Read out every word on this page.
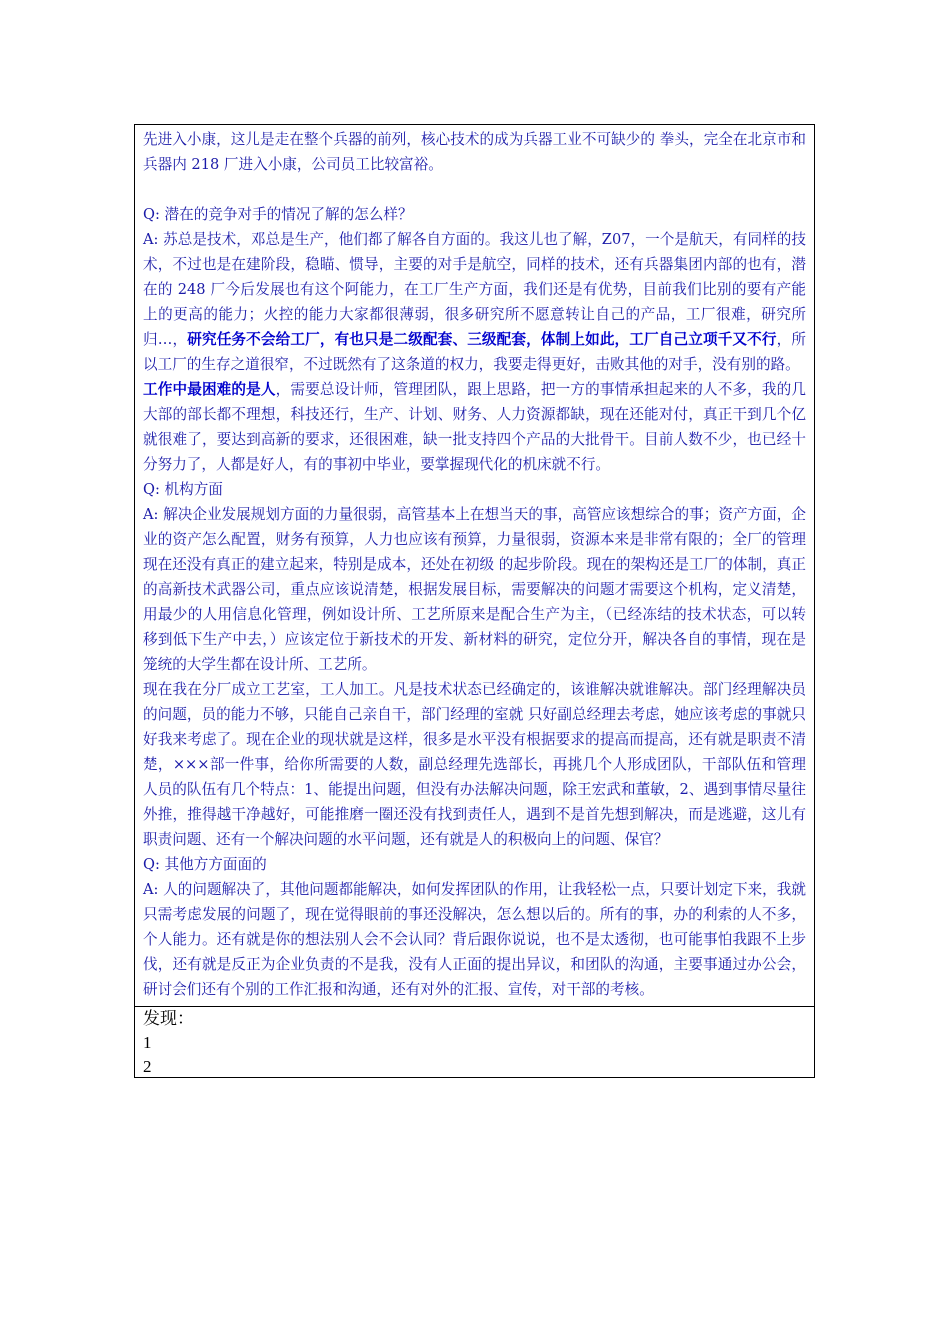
先进入小康，这儿是走在整个兵器的前列，核心技术的成为兵器工业不可缺少的 拳头，完全在北京市和兵器内 218 厂进入小康，公司员工比较富裕。

Q: 潜在的竞争对手的情况了解的怎么样？

A: 苏总是技术，邓总是生产，他们都了解各自方面的。我这儿也了解，Z07，一个是航天，有同样的技术，不过也是在建阶段，稳瞄、惯导，主要的对手是航空，同样的技术，还有兵器集团内部的也有，潜在的 248 厂今后发展也有这个阿能力，在工厂生产方面，我们还是有优势，目前我们比别的要有产能上的更高的能力；火控的能力大家都很薄弱，很多研究所不愿意转让自己的产品，工厂很难，研究所归…，研究任务不会给工厂，有也只是二级配套、三级配套，体制上如此，工厂自己立项千又不行，所以工厂的生存之道很窄，不过既然有了这条道的权力，我要走得更好，击败其他的对手，没有别的路。

工作中最困难的是人，需要总设计师，管理团队，跟上思路，把一方的事情承担起来的人不多，我的几大部的部长都不理想，科技还行，生产、计划、财务、人力资源都缺，现在还能对付，真正干到几个亿就很难了，要达到高新的要求，还很困难，缺一批支持四个产品的大批骨干。目前人数不少，也已经十分努力了，人都是好人，有的事初中毕业，要掌握现代化的机床就不行。

Q: 机构方面

A: 解决企业发展规划方面的力量很弱，高管基本上在想当天的事，高管应该想综合的事；资产方面，企业的资产怎么配置，财务有预算，人力也应该有预算，力量很弱，资源本来是非常有限的；全厂的管理现在还没有真正的建立起来，特别是成本，还处在初级 的起步阶段。现在的架构还是工厂的体制，真正的高新技术武器公司，重点应该说清楚，根据发展目标，需要解决的问题才需要这个机构，定义清楚，用最少的人用信息化管理，例如设计所、工艺所原来是配合生产为主，（已经冻结的技术状态，可以转移到低下生产中去，）应该定位于新技术的开发、新材料的研究，定位分开，解决各自的事情，现在是笼统的大学生都在设计所、工艺所。

现在我在分厂成立工艺室，工人加工。凡是技术状态已经确定的，该谁解决就谁解决。部门经理解决员的问题，员的能力不够，只能自己亲自干，部门经理的室就 只好副总经理去考虑，她应该考虑的事就只好我来考虑了。现在企业的现状就是这样，很多是水平没有根据要求的提高而提高，还有就是职责不清楚，×××部一件事，给你所需要的人数，副总经理先选部长，再挑几个人形成团队，干部队伍和管理人员的队伍有几个特点：1、能提出问题，但没有办法解决问题，除王宏武和董敏，2、遇到事情尽量往外推，推得越干净越好，可能推磨一圈还没有找到责任人，遇到不是首先想到解决，而是逃避，这儿有职责问题、还有一个解决问题的水平问题，还有就是人的积极向上的问题、保官？

Q: 其他方方面面的

A: 人的问题解决了，其他问题都能解决，如何发挥团队的作用，让我轻松一点，只要计划定下来，我就只需考虑发展的问题了，现在觉得眼前的事还没解决，怎么想以后的。所有的事，办的利索的人不多，个人能力。还有就是你的想法别人会不会认同？背后跟你说说，也不是太透彻，也可能事怕我跟不上步伐，还有就是反正为企业负责的不是我，没有人正面的提出异议，和团队的沟通，主要事通过办公会，研讨会们还有个别的工作汇报和沟通，还有对外的汇报、宣传，对干部的考核。

发现：
1
2
